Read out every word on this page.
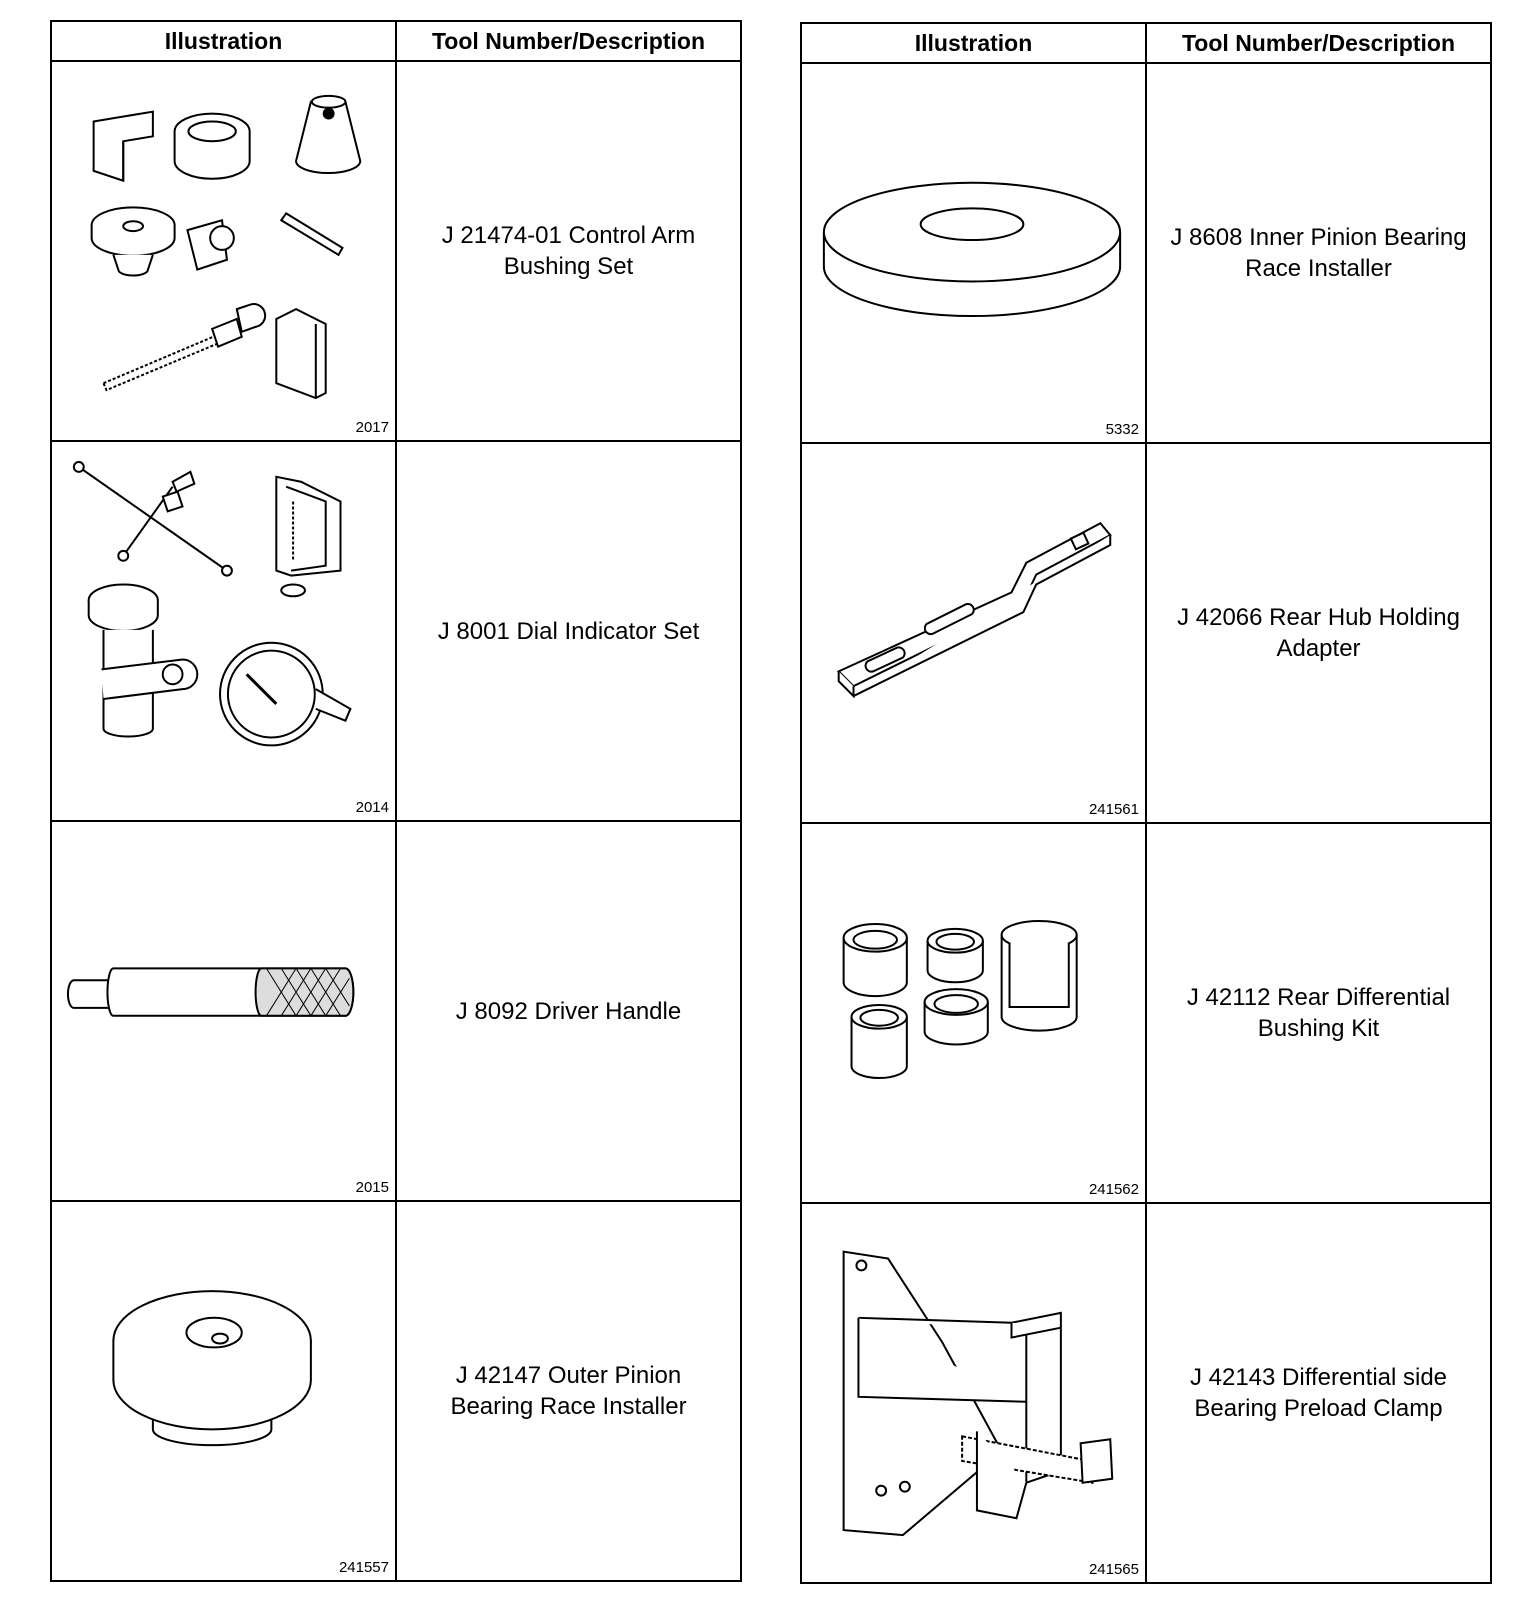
Illustration	Tool Number/Description

2017	J 21474-01 Control Arm
Bushing Set

2014	J 8001 Dial Indicator Set

2015	J 8092 Driver Handle

241557	J 42147 Outer Pinion
Bearing Race Installer
Illustration	Tool Number/Description

5332	J 8608 Inner Pinion Bearing
Race Installer

241561	J 42066 Rear Hub Holding
Adapter

241562	J 42112 Rear Differential
Bushing Kit

241565	J 42143 Differential side
Bearing Preload Clamp
